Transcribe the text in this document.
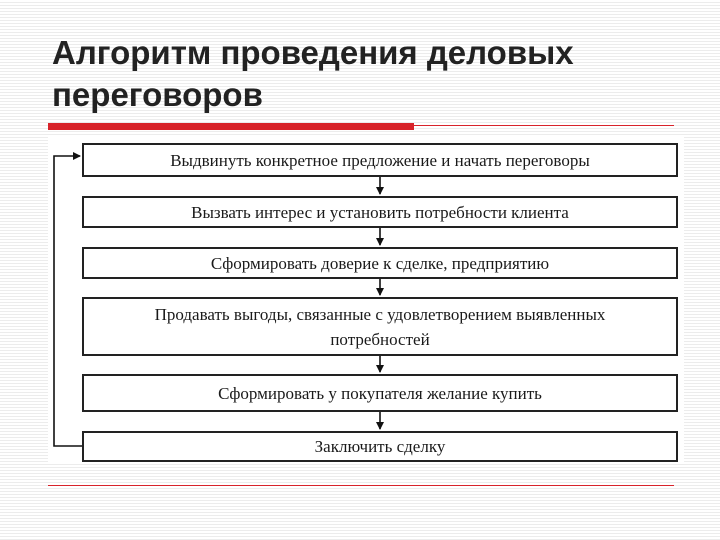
Алгоритм проведения деловых переговоров
Выдвинуть конкретное предложение и начать переговоры
Вызвать интерес и установить потребности клиента
Сформировать доверие к сделке, предприятию
Продавать выгоды, связанные с удовлетворением выявленных потребностей
Сформировать у покупателя желание купить
Заключить сделку
